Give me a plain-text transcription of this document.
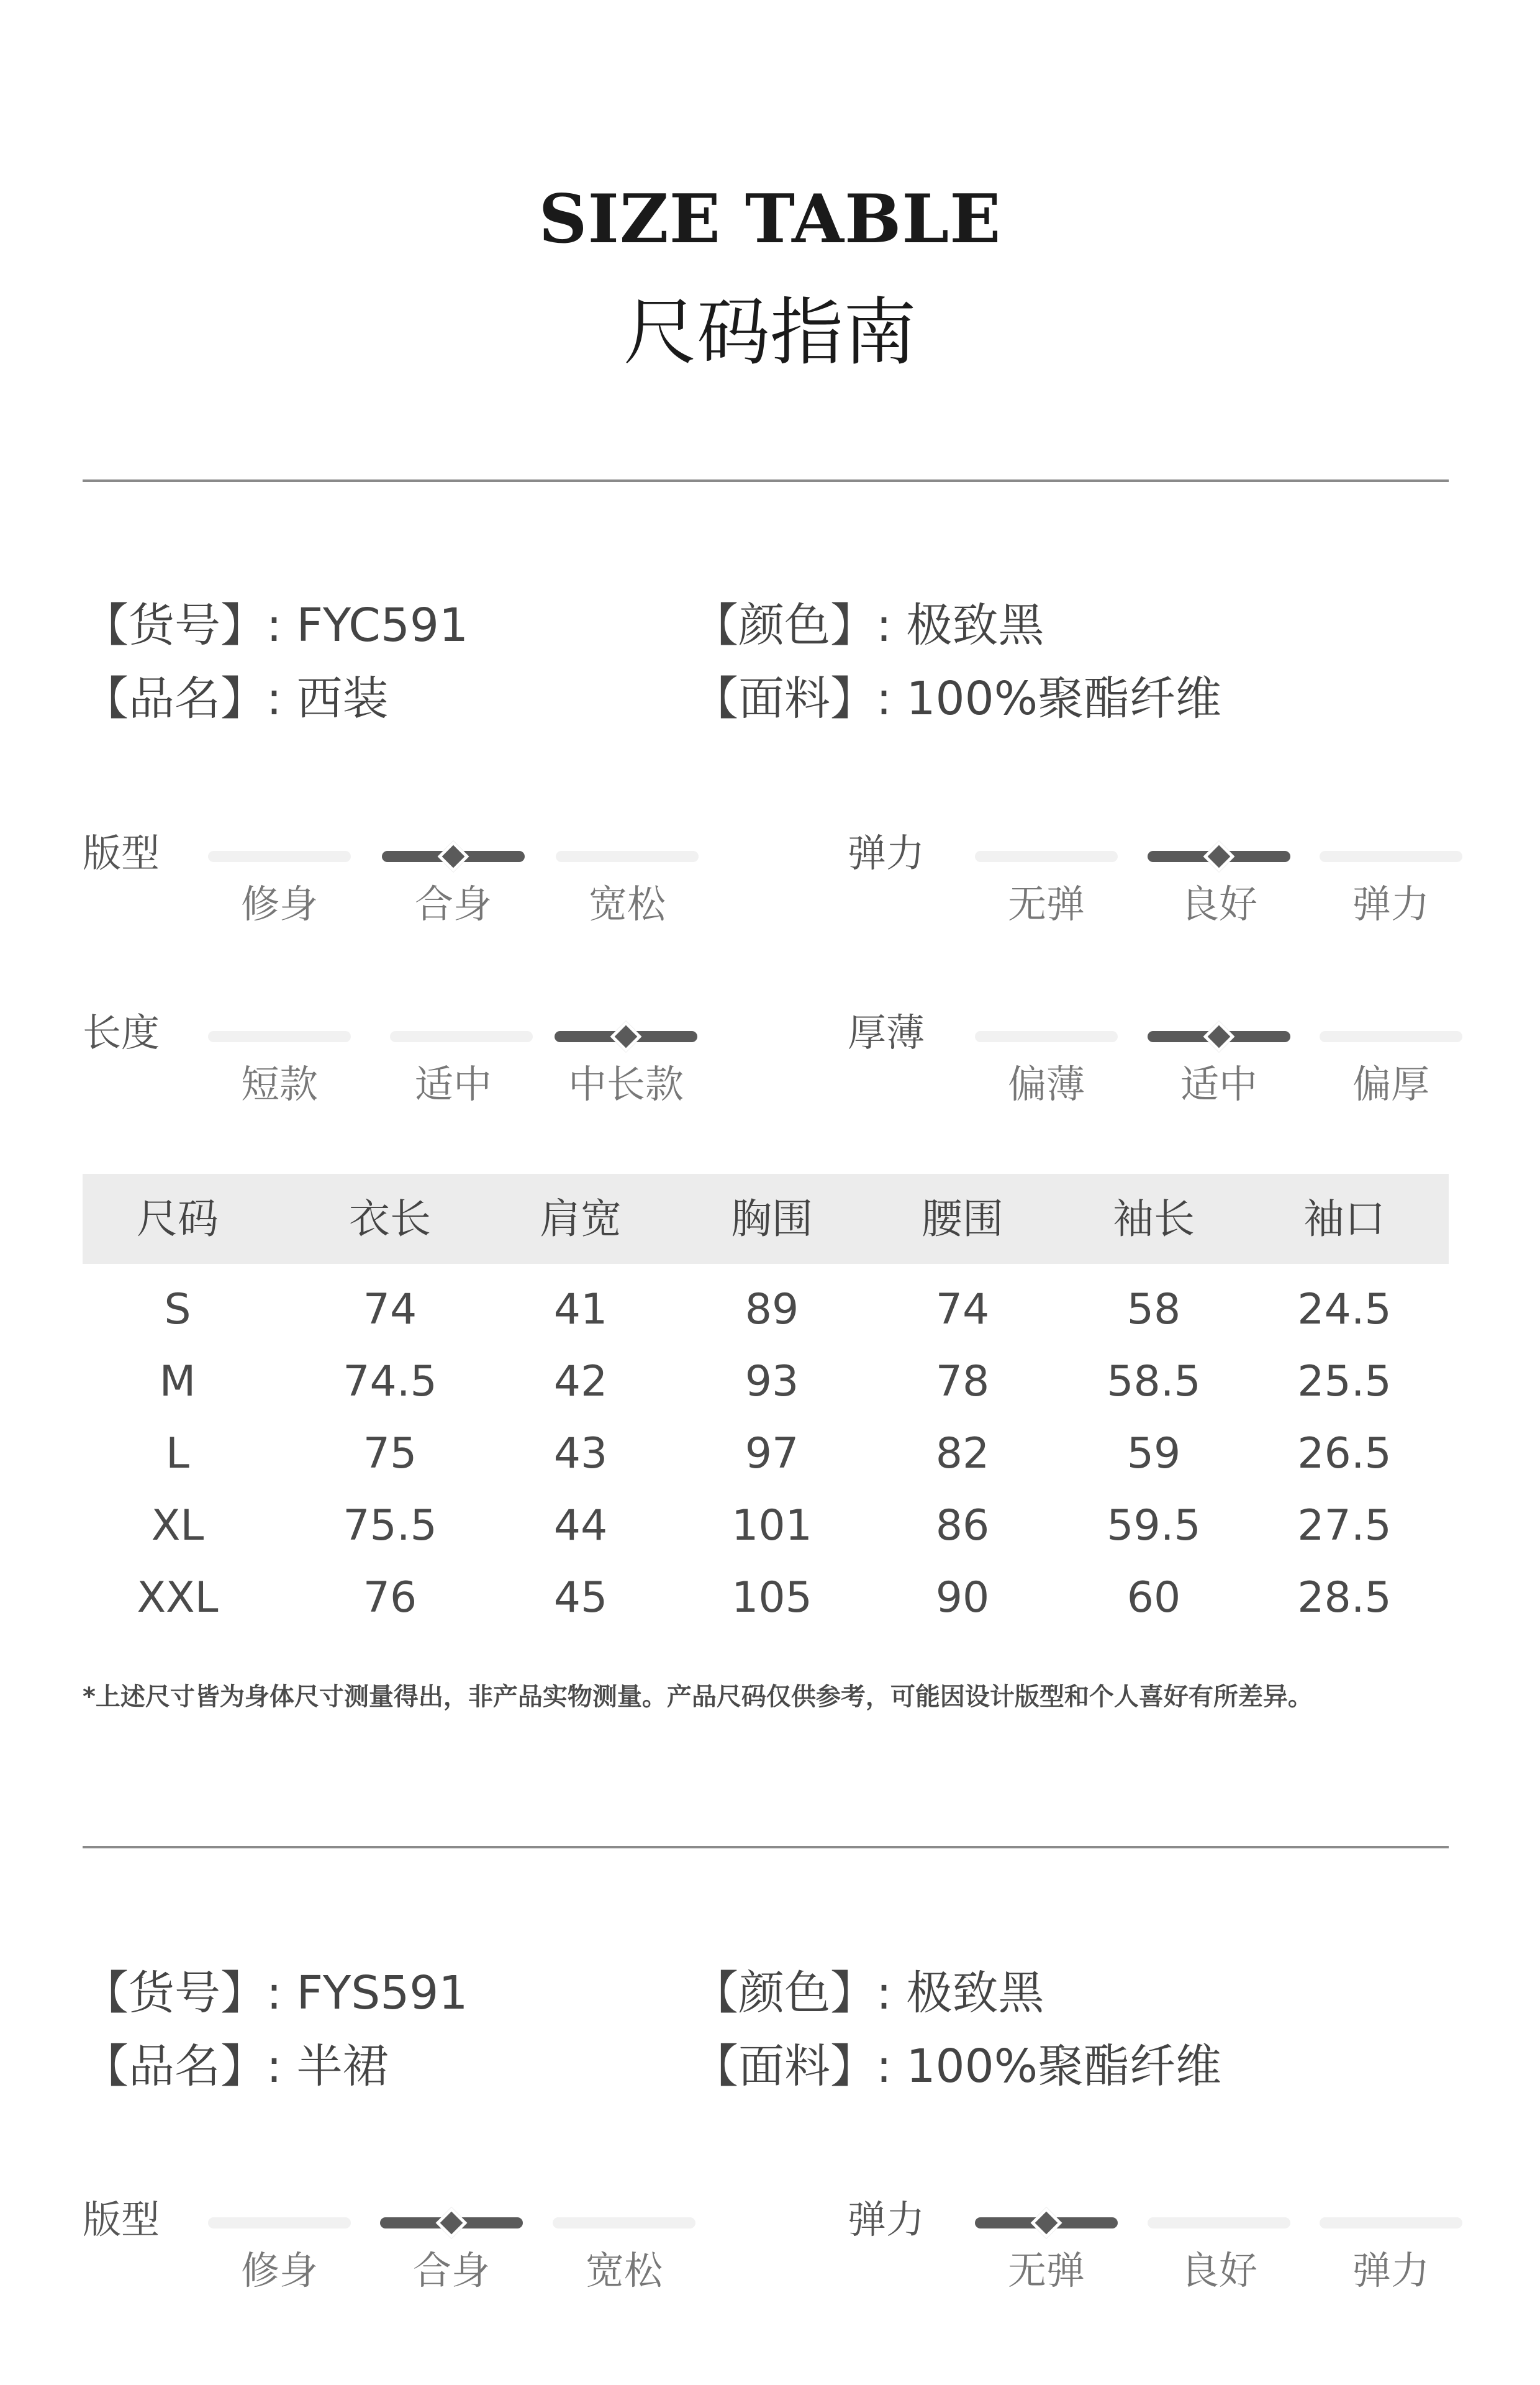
SIZE TABLE
尺码指南
【货号】: FYC591	【颜色】: 极致黑
【品名】: 西装	【面料】: 100%聚酯纤维
版型
修身	合身	宽松
弹力
无弹	良好	弹力
长度
短款	适中	中长款
厚薄
偏薄	适中	偏厚
尺码	衣长	肩宽	胸围	腰围	袖长	袖口
S	74	41	89	74	58	24.5
M	74.5	42	93	78	58.5	25.5
L	75	43	97	82	59	26.5
XL	75.5	44	101	86	59.5	27.5
XXL	76	45	105	90	60	28.5
*上述尺寸皆为身体尺寸测量得出，非产品实物测量。产品尺码仅供参考，可能因设计版型和个人喜好有所差异。
【货号】: FYS591	【颜色】: 极致黑
【品名】: 半裙	【面料】: 100%聚酯纤维
版型
修身	合身	宽松
弹力
无弹	良好	弹力
